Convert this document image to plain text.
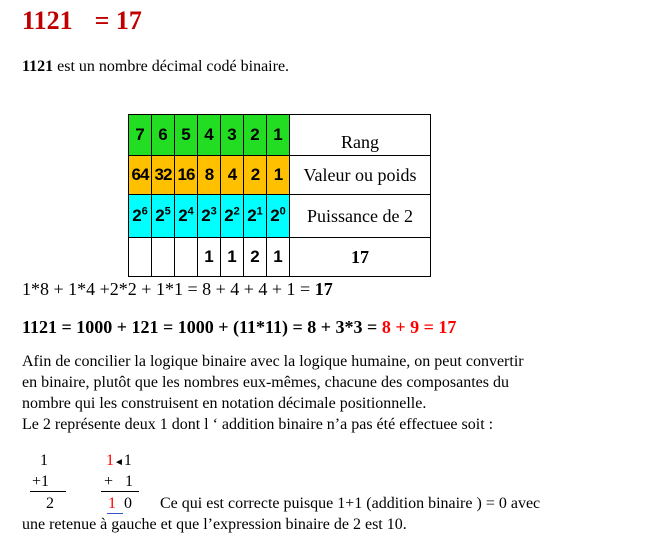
1121 = 17
1121 est un nombre décimal codé binaire.
7	6	5	4	3	2	1	Rang
64	32	16	8	4	2	1	Valeur ou poids
$2^6$	$2^5$	$2^4$	$2^3$	$2^2$	$2^1$	$2^0$	Puissance de 2
			1	1	2	1	17
1*8 + 1*4 +2*2 + 1*1 = 8 + 4 + 4 + 1 = 17
1121 = 1000 + 121 = 1000 + (11*11) = 8 + 3*3 = 8 + 9 = 17
Afin de concilier la logique binaire avec la logique humaine, on peut convertir
en binaire, plutôt que les nombres eux-mêmes, chacune des composantes du
nombre qui les construisent en notation décimale positionnelle.
Le 2 représente deux 1 dont l ‘ addition binaire n’a pas été effectuee soit :
1
+1
2
1◄1
+   1
1 0 Ce qui est correcte puisque 1+1 (addition binaire ) = 0 avec
une retenue à gauche et que l’expression binaire de 2 est 10.
